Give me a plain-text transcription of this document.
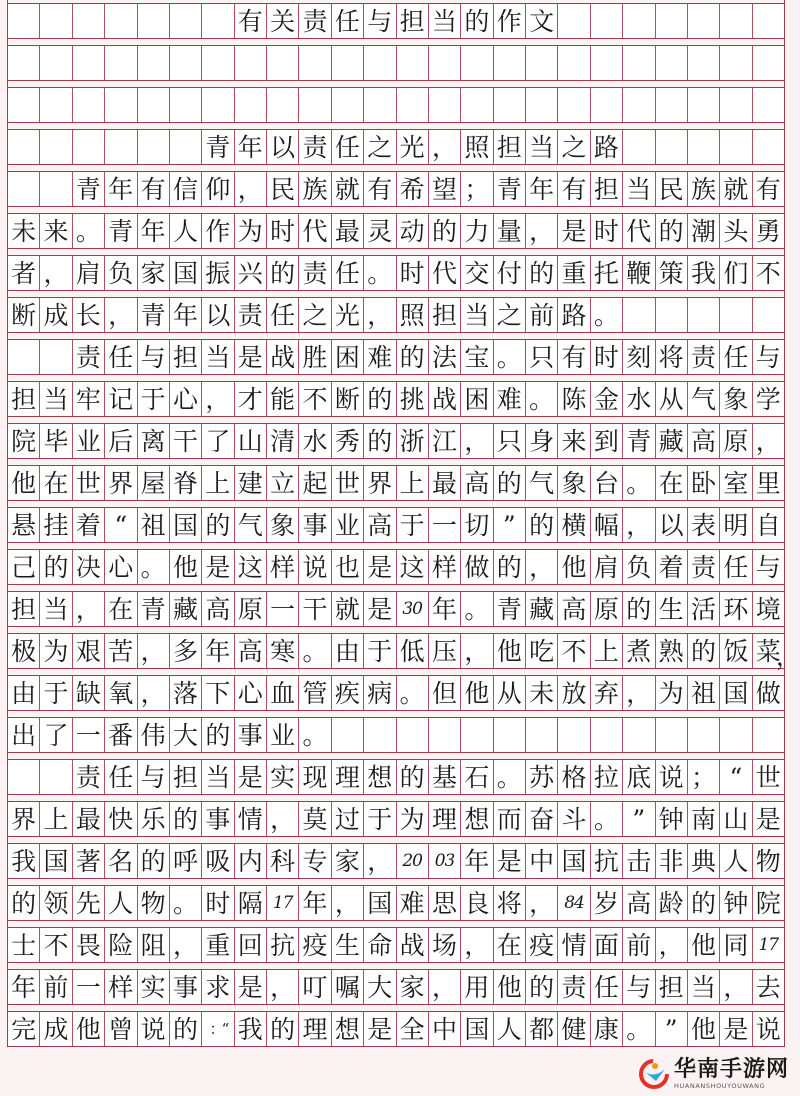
有 关 责 任 与 担 当 的 作 文
青 年 以 责 任 之 光 ， 照 担 当 之 路
青 年 有 信 仰 ， 民 族 就 有 希 望 ； 青 年 有 担 当 民 族 就 有
未 来 。 青 年 人 作 为 时 代 最 灵 动 的 力 量 ， 是 时 代 的 潮 头 勇
者 ， 肩 负 家 国 振 兴 的 责 任 。 时 代 交 付 的 重 托 鞭 策 我 们 不
断 成 长 ， 青 年 以 责 任 之 光 ， 照 担 当 之 前 路 。
责 任 与 担 当 是 战 胜 困 难 的 法 宝 。 只 有 时 刻 将 责 任 与
担 当 牢 记 于 心 ， 才 能 不 断 的 挑 战 困 难 。 陈 金 水 从 气 象 学
院 毕 业 后 离 干 了 山 清 水 秀 的 浙 江 ， 只 身 来 到 青 藏 高 原 ，
他 在 世 界 屋 脊 上 建 立 起 世 界 上 最 高 的 气 象 台 。 在 卧 室 里
悬 挂 着 “ 祖 国 的 气 象 事 业 高 于 一 切 ” 的 横 幅 ， 以 表 明 自
己 的 决 心 。 他 是 这 样 说 也 是 这 样 做 的 ， 他 肩 负 着 责 任 与
担 当 ， 在 青 藏 高 原 一 干 就 是 30 年 。 青 藏 高 原 的 生 活 环 境
极 为 艰 苦 ， 多 年 高 寒 。 由 于 低 压 ， 他 吃 不 上 煮 熟 的 饭 菜
，
由 于 缺 氧 ， 落 下 心 血 管 疾 病 。 但 他 从 未 放 弃 ， 为 祖 国 做
出 了 一 番 伟 大 的 事 业 。
责 任 与 担 当 是 实 现 理 想 的 基 石 。 苏 格 拉 底 说 ； “ 世
界 上 最 快 乐 的 事 情 ， 莫 过 于 为 理 想 而 奋 斗 。 ” 钟 南 山 是
我 国 著 名 的 呼 吸 内 科 专 家 ， 20 03 年 是 中 国 抗 击 非 典 人 物
的 领 先 人 物 。 时 隔 17 年 ， 国 难 思 良 将 ， 84 岁 高 龄 的 钟 院
士 不 畏 险 阻 ， 重 回 抗 疫 生 命 战 场 ， 在 疫 情 面 前 ， 他 同 17
年 前 一 样 实 事 求 是 ， 叮 嘱 大 家 ， 用 他 的 责 任 与 担 当 ， 去
完 成 他 曾 说 的 ：“ 我 的 理 想 是 全 中 国 人 都 健 康 。 ” 他 是 说
华南手游网
HUANANSHOUYOUWANG
